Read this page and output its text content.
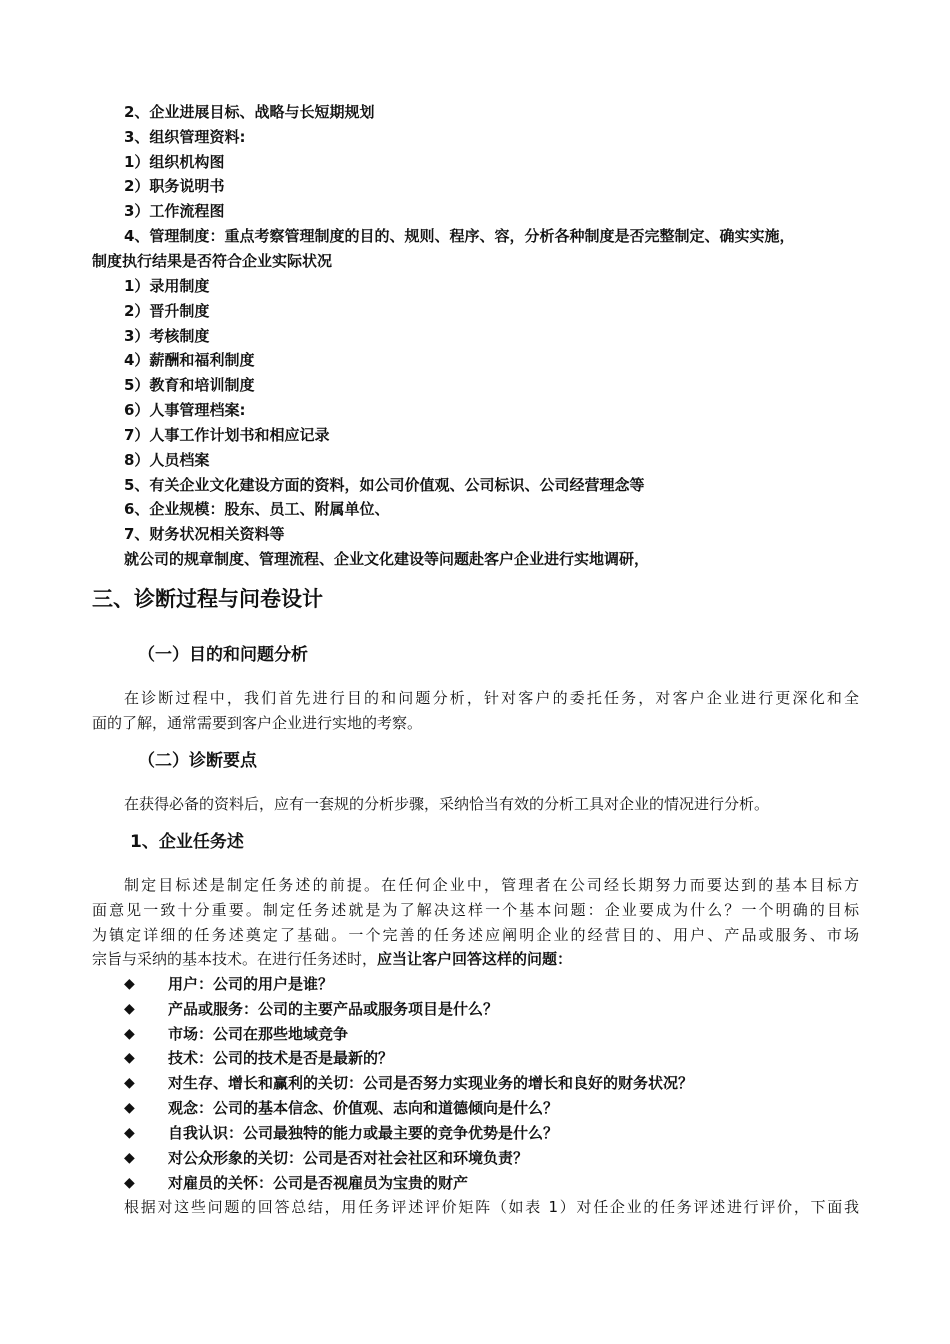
2、企业进展目标、战略与长短期规划
3、组织管理资料:
1）组织机构图
2）职务说明书
3）工作流程图
4、管理制度：重点考察管理制度的目的、规则、程序、容，分析各种制度是否完整制定、确实实施，
制度执行结果是否符合企业实际状况
1）录用制度
2）晋升制度
3）考核制度
4）薪酬和福利制度
5）教育和培训制度
6）人事管理档案:
7）人事工作计划书和相应记录
8）人员档案
5、有关企业文化建设方面的资料，如公司价值观、公司标识、公司经营理念等
6、企业规模：股东、员工、附属单位、
7、财务状况相关资料等
就公司的规章制度、管理流程、企业文化建设等问题赴客户企业进行实地调研，
三、诊断过程与问卷设计
（一）目的和问题分析
在诊断过程中，我们首先进行目的和问题分析，针对客户的委托任务，对客户企业进行更深化和全
面的了解，通常需要到客户企业进行实地的考察。
（二）诊断要点
在获得必备的资料后，应有一套规的分析步骤，采纳恰当有效的分析工具对企业的情况进行分析。
1、企业任务述
制定目标述是制定任务述的前提。在任何企业中，管理者在公司经长期努力而要达到的基本目标方
面意见一致十分重要。制定任务述就是为了解决这样一个基本问题：企业要成为什么？一个明确的目标
为镇定详细的任务述奠定了基础。一个完善的任务述应阐明企业的经营目的、用户、产品或服务、市场
宗旨与采纳的基本技术。在进行任务述时，应当让客户回答这样的问题：
◆ 用户：公司的用户是谁？
◆ 产品或服务：公司的主要产品或服务项目是什么？
◆ 市场：公司在那些地域竞争
◆ 技术：公司的技术是否是最新的？
◆ 对生存、增长和赢利的关切：公司是否努力实现业务的增长和良好的财务状况？
◆ 观念：公司的基本信念、价值观、志向和道德倾向是什么？
◆ 自我认识：公司最独特的能力或最主要的竞争优势是什么？
◆ 对公众形象的关切：公司是否对社会社区和环境负责？
◆ 对雇员的关怀：公司是否视雇员为宝贵的财产
根据对这些问题的回答总结，用任务评述评价矩阵（如表 1）对任企业的任务评述进行评价，下面我
